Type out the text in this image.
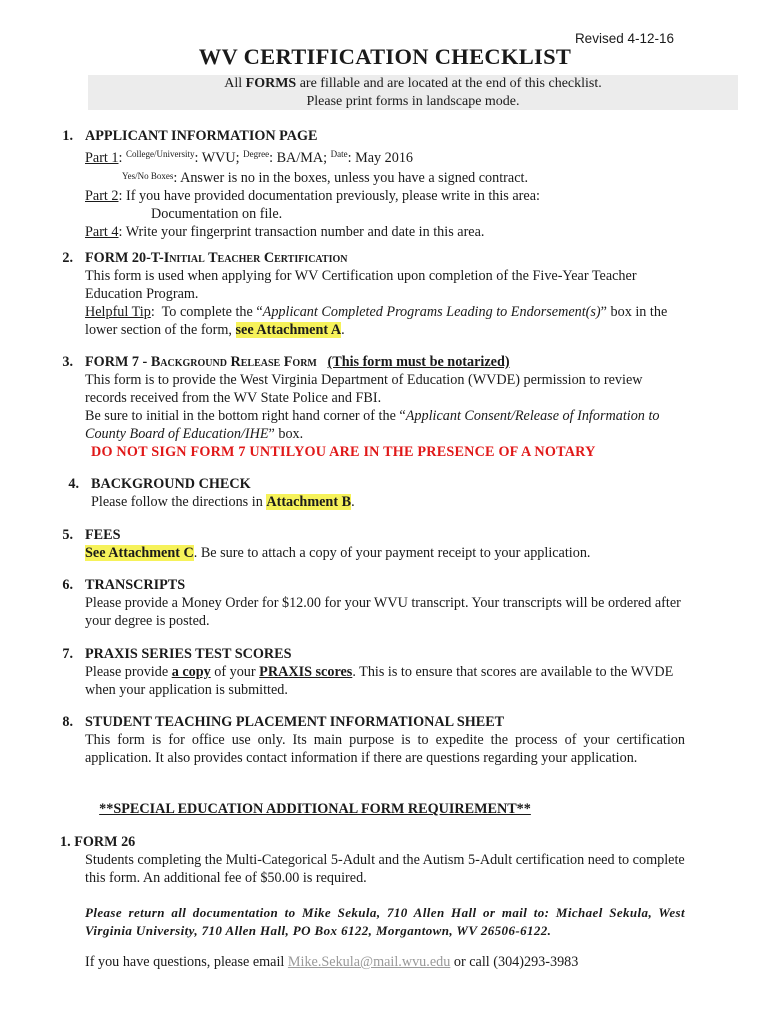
Revised 4-12-16
WV CERTIFICATION CHECKLIST
All FORMS are fillable and are located at the end of this checklist.
Please print forms in landscape mode.
1. APPLICANT INFORMATION PAGE
Part 1: $^{College/University}$: WVU; $^{Degree}$: BA/MA; $^{Date}$: May 2016
$^{Yes/No Boxes}$: Answer is no in the boxes, unless you have a signed contract.
Part 2: If you have provided documentation previously, please write in this area:
Documentation on file.
Part 4: Write your fingerprint transaction number and date in this area.
2. FORM 20-T-Initial Teacher Certification
This form is used when applying for WV Certification upon completion of the Five-Year Teacher Education Program.
Helpful Tip:  To complete the “Applicant Completed Programs Leading to Endorsement(s)” box in the lower section of the form, see Attachment A.
3. FORM 7 - Background Release Form (This form must be notarized)
This form is to provide the West Virginia Department of Education (WVDE) permission to review records received from the WV State Police and FBI.
Be sure to initial in the bottom right hand corner of the “Applicant Consent/Release of Information to County Board of Education/IHE” box.
DO NOT SIGN FORM 7 UNTILYOU ARE IN THE PRESENCE OF A NOTARY
4. BACKGROUND CHECK
Please follow the directions in Attachment B.
5. FEES
See Attachment C. Be sure to attach a copy of your payment receipt to your application.
6. TRANSCRIPTS
Please provide a Money Order for $12.00 for your WVU transcript. Your transcripts will be ordered after your degree is posted.
7. PRAXIS SERIES TEST SCORES
Please provide a copy of your PRAXIS scores. This is to ensure that scores are available to the WVDE when your application is submitted.
8. STUDENT TEACHING PLACEMENT INFORMATIONAL SHEET
This form is for office use only. Its main purpose is to expedite the process of your certification application. It also provides contact information if there are questions regarding your application.
**SPECIAL EDUCATION ADDITIONAL FORM REQUIREMENT**
1. FORM 26
Students completing the Multi-Categorical 5-Adult and the Autism 5-Adult certification need to complete this form. An additional fee of $50.00 is required.
Please return all documentation to Mike Sekula, 710 Allen Hall or mail to: Michael Sekula, West Virginia University, 710 Allen Hall, PO Box 6122, Morgantown, WV 26506-6122.
If you have questions, please email Mike.Sekula@mail.wvu.edu or call (304)293-3983
